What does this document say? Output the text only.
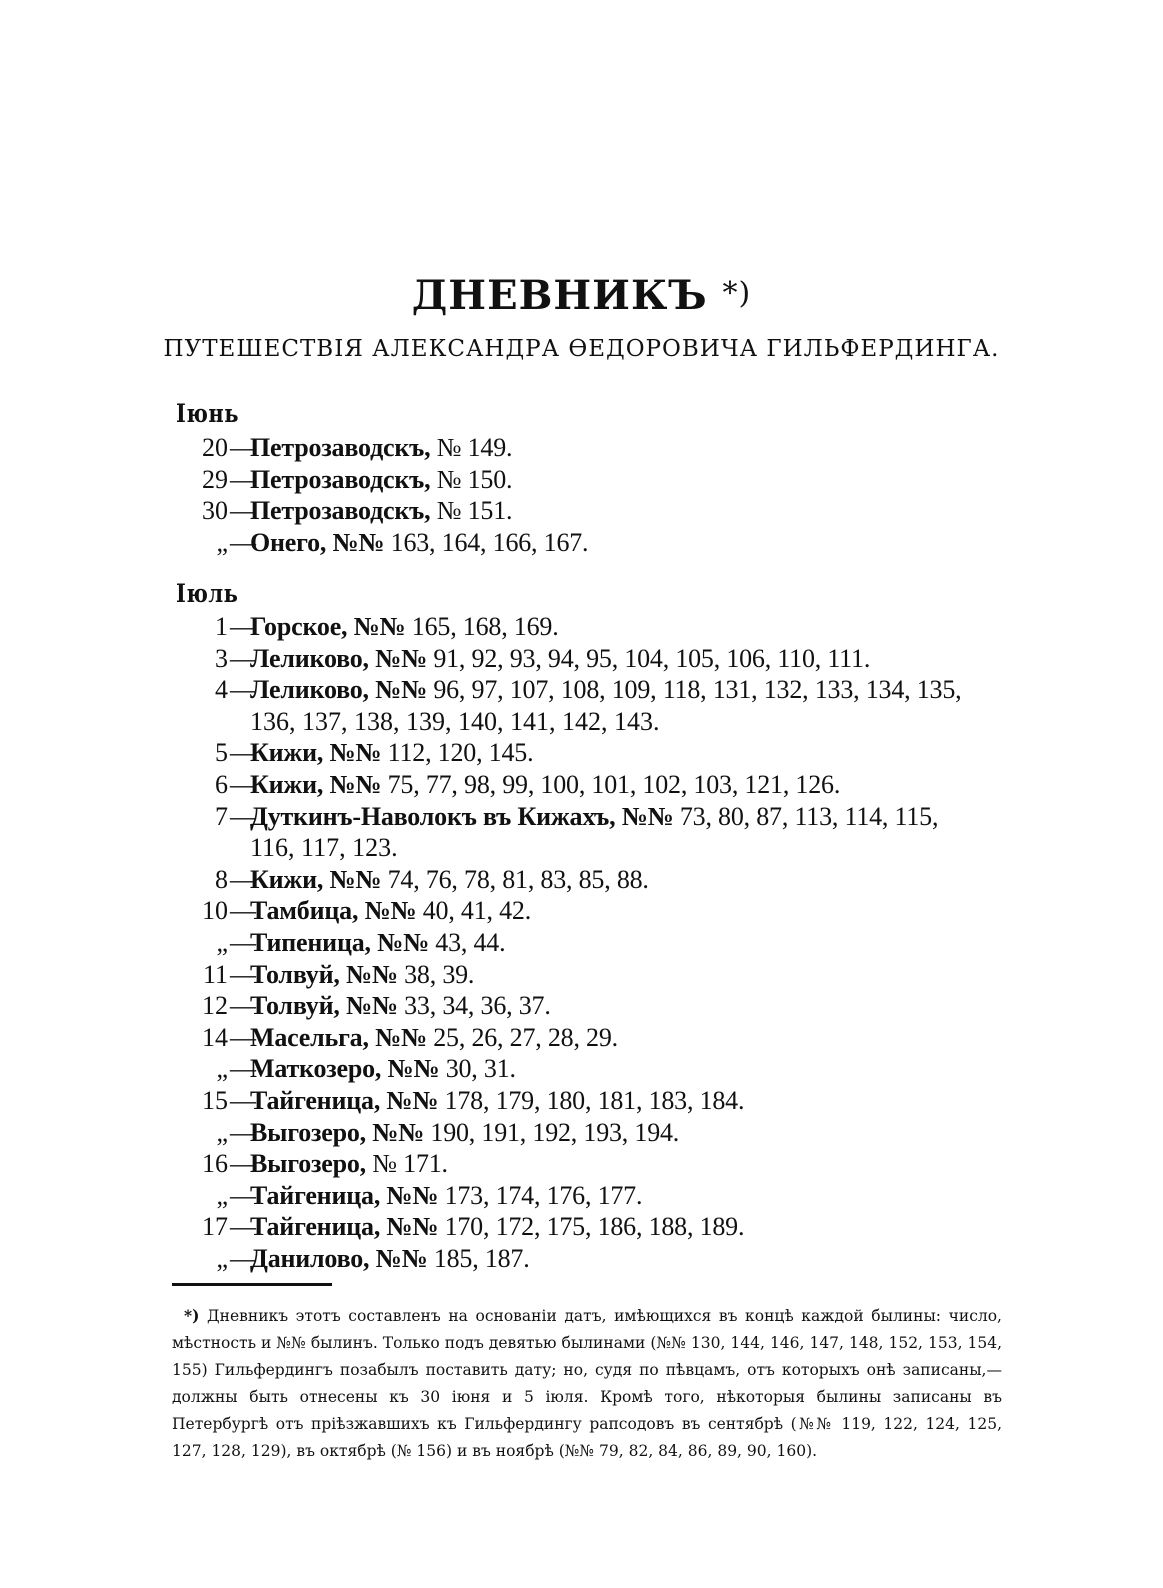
ДНЕВНИКЪ *)
ПУТЕШЕСТВІЯ АЛЕКСАНДРА ӨЕДОРОВИЧА ГИЛЬФЕРДИНГА.
Іюнь
Іюль
20 —
Петрозаводскъ, № 149.
29 —
Петрозаводскъ, № 150.
30 —
Петрозаводскъ, № 151.
„ —
Онего, №№ 163, 164, 166, 167.
1 —
Горское, №№ 165, 168, 169.
3 —
Леликово, №№ 91, 92, 93, 94, 95, 104, 105, 106, 110, 111.
4 —
Леликово, №№ 96, 97, 107, 108, 109, 118, 131, 132, 133, 134, 135,
136, 137, 138, 139, 140, 141, 142, 143.
5 —
Кижи, №№ 112, 120, 145.
6 —
Кижи, №№ 75, 77, 98, 99, 100, 101, 102, 103, 121, 126.
7 —
Дуткинъ-Наволокъ въ Кижахъ, №№ 73, 80, 87, 113, 114, 115,
116, 117, 123.
8 —
Кижи, №№ 74, 76, 78, 81, 83, 85, 88.
10 —
Тамбица, №№ 40, 41, 42.
„ —
Типеница, №№ 43, 44.
11 —
Толвуй, №№ 38, 39.
12 —
Толвуй, №№ 33, 34, 36, 37.
14 —
Масельга, №№ 25, 26, 27, 28, 29.
„ —
Маткозеро, №№ 30, 31.
15 —
Тайгеница, №№ 178, 179, 180, 181, 183, 184.
„ —
Выгозеро, №№ 190, 191, 192, 193, 194.
16 —
Выгозеро, № 171.
„ —
Тайгеница, №№ 173, 174, 176, 177.
17 —
Тайгеница, №№ 170, 172, 175, 186, 188, 189.
„ —
Данилово, №№ 185, 187.
*) Дневникъ этотъ составленъ на основаніи датъ, имѣющихся въ концѣ каждой былины: число, мѣстность и №№ былинъ. Только подъ девятью былинами (№№ 130, 144, 146, 147, 148, 152, 153, 154, 155) Гильфердингъ позабылъ поставить дату; но, судя по пѣвцамъ, отъ которыхъ онѣ записаны,—должны быть отнесены къ 30 іюня и 5 іюля. Кромѣ того, нѣкоторыя былины записаны въ Петербургѣ отъ пріѣзжавшихъ къ Гильфердингу рапсодовъ въ сентябрѣ (№№ 119, 122, 124, 125, 127, 128, 129), въ октябрѣ (№ 156) и въ ноябрѣ (№№ 79, 82, 84, 86, 89, 90, 160).
